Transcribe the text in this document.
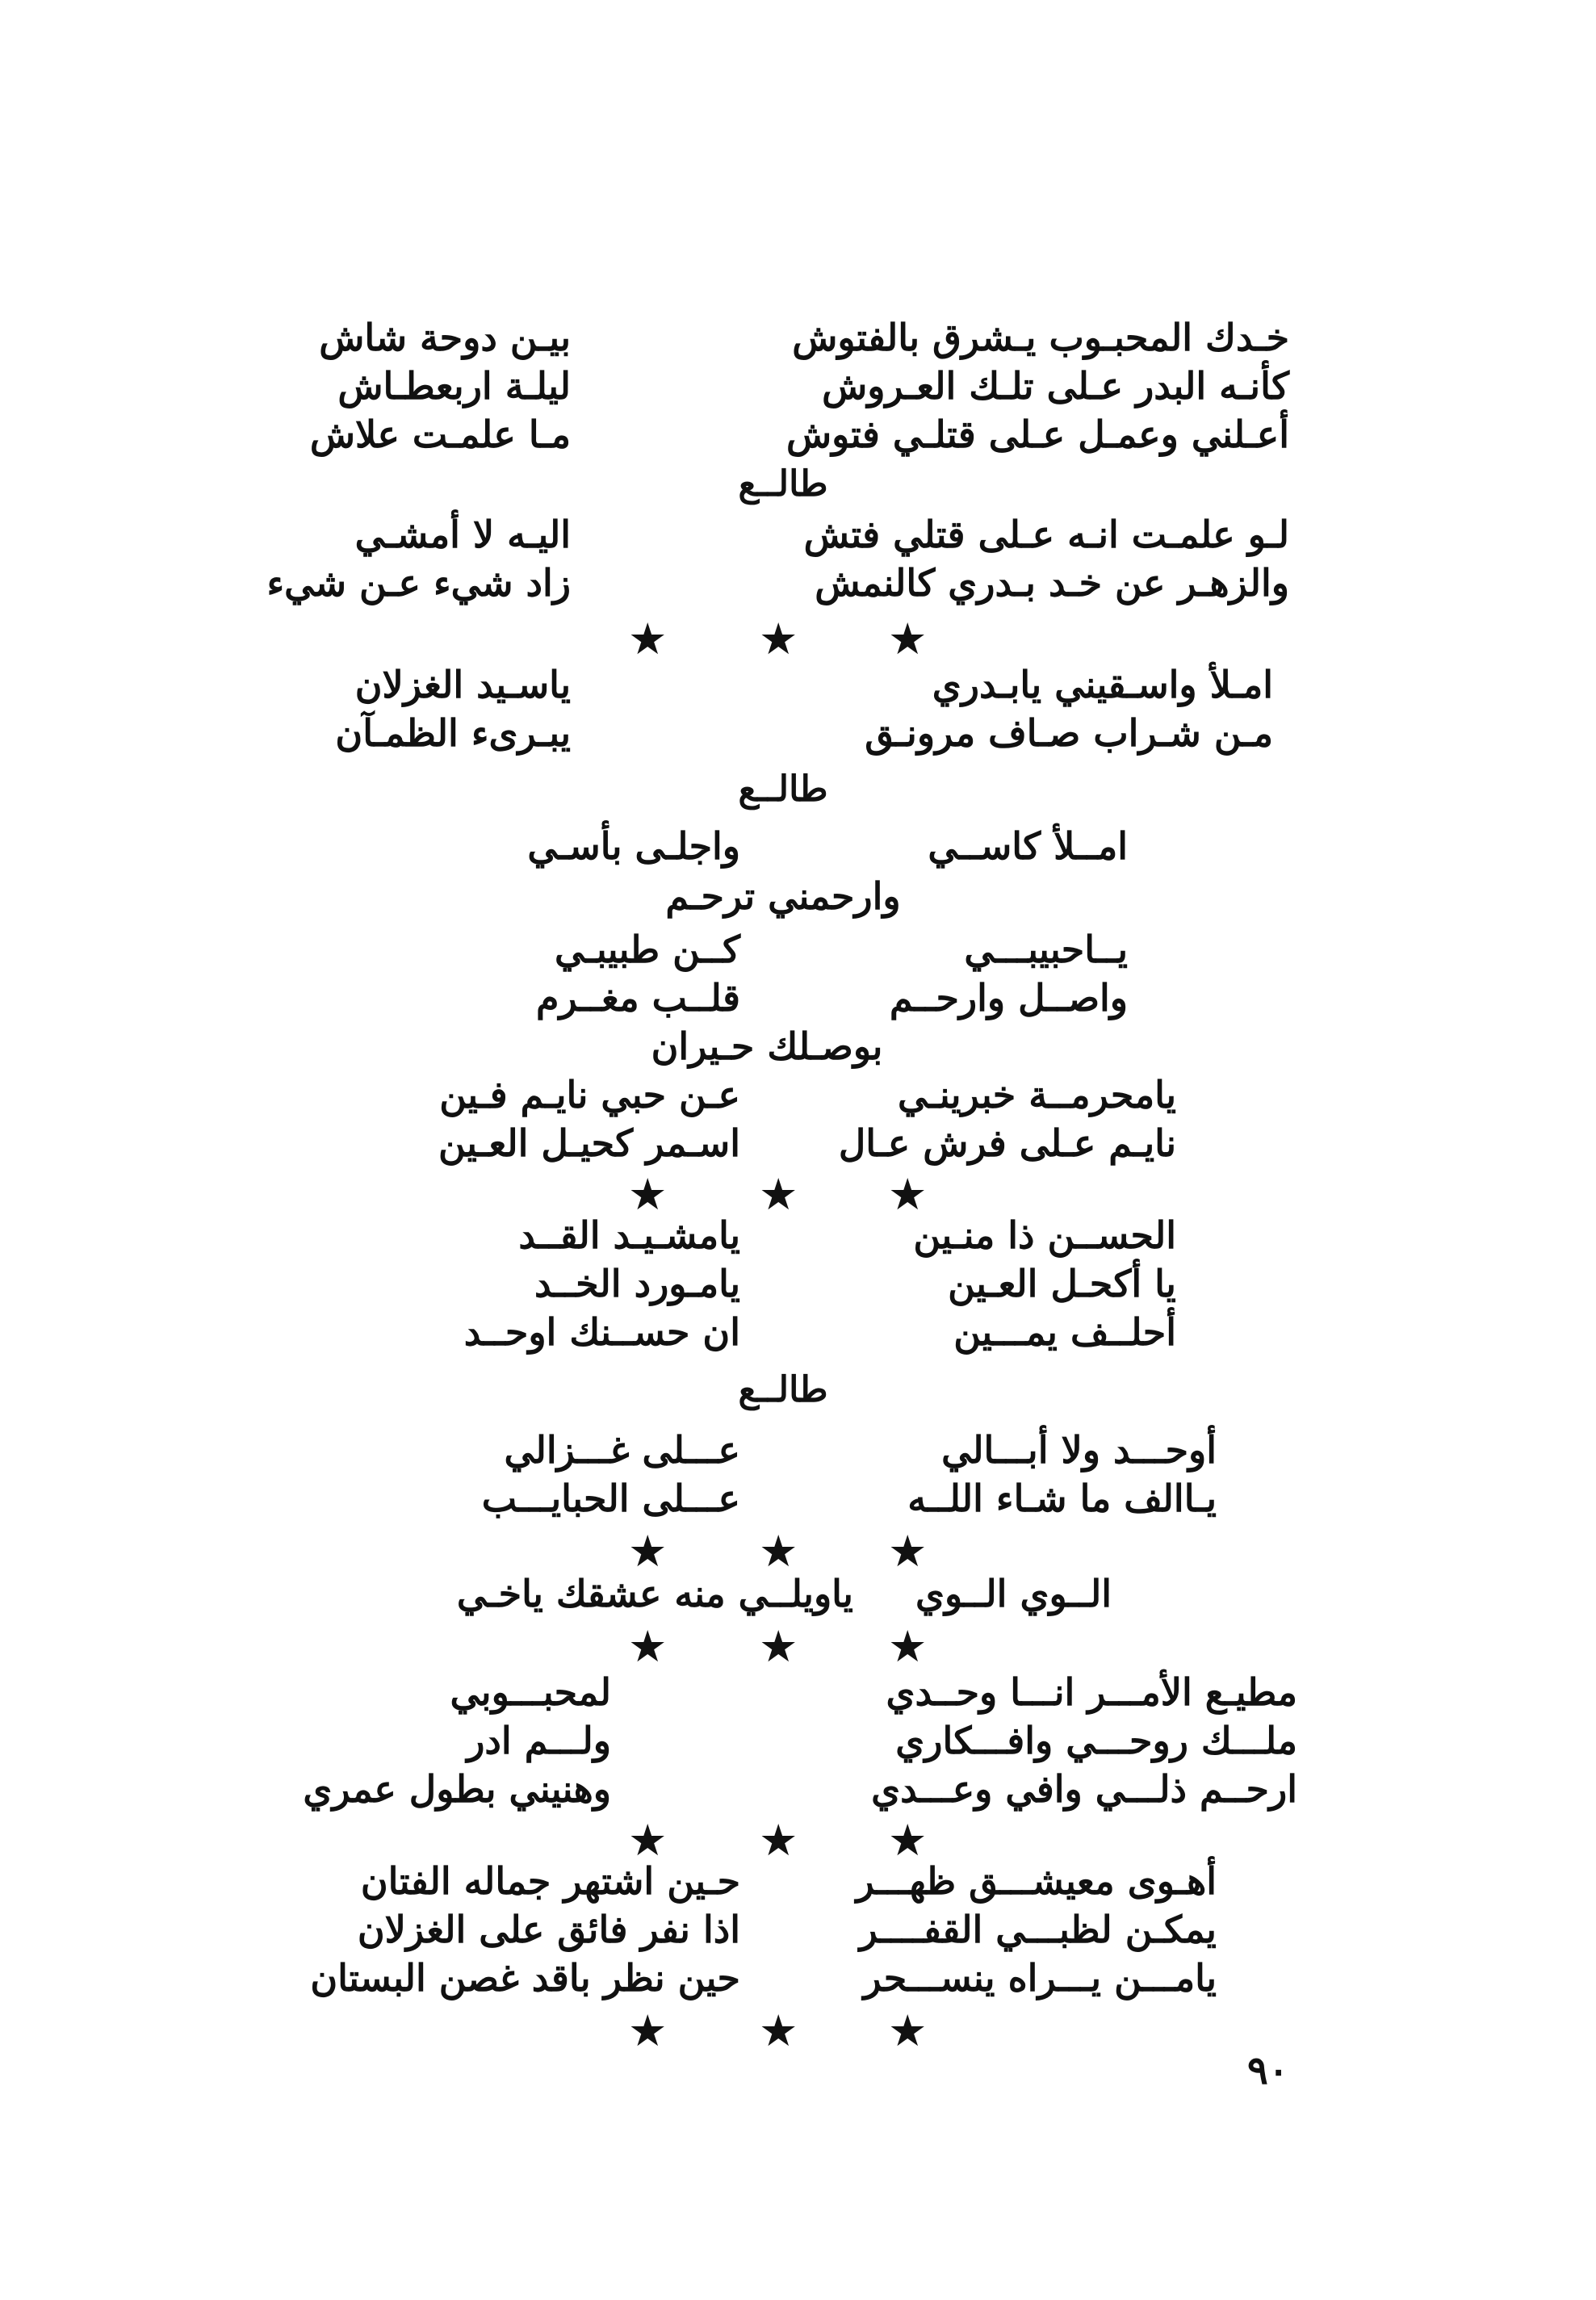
خـدك المحبـوب يـشرق بالفتوش
بيـن دوحة شاش
كأنـه البدر عـلى تلـك العـروش
ليلـة اربعطـاش
أعـلني وعمـل عـلى قتلـي فتوش
مـا علمـت علاش
طالــع
لـو علمـت انـه عـلى قتلي فتش
اليـه لا أمشـي
والزهـر عن خـد بـدري كالنمش
زاد شيء عـن شيء
★ ★ ★
امـلأ واسـقيني يابـدري
ياسـيد الغزلان
مـن شـراب صـاف مرونـق
يبـرىء الظمـآن
طالــع
امــلأ كاســي
واجلـى بأسـي
وارحمني ترحـم
يــاحبيبـــي
كــن طبيبـي
واصــل وارحــم
قلــب مغــرم
بوصـلك حـيران
يامحرمــة خبرينـي
عـن حبي نايـم فـين
نايـم عـلى فرش عـال
اسـمر كحيـل العـين
★ ★ ★
الحســن ذا منـين
يامشـيـد القــد
يا أكحـل العـين
يامـورد الخــد
أحلــف يمـــين
ان حســنك اوحــد
طالــع
أوحـــد ولا أبـــالي
عـــلى غـــزالي
يـاالف ما شـاء اللــه
عـــلى الحبايـــب
★ ★ ★
الــوي الــوي
ياويلــي منه عشقك ياخـي
★ ★ ★
مطيـع الأمـــر انـــا وحــدي
لمحبـــوبي
ملـــك روحـــي وافـــكاري
ولـــم ادر
ارحــم ذلـــي وافي وعـــدي
وهنيني بطول عمري
★ ★ ★
أهـوى معيشـــق ظهـــر
حـين اشتهر جماله الفتان
يمكـن لظبـــي القفــــر
اذا نفر فائق على الغزلان
يامـــن يـــراه ينســـحر
حين نظر باقد غصن البستان
★ ★ ★
٩٠
